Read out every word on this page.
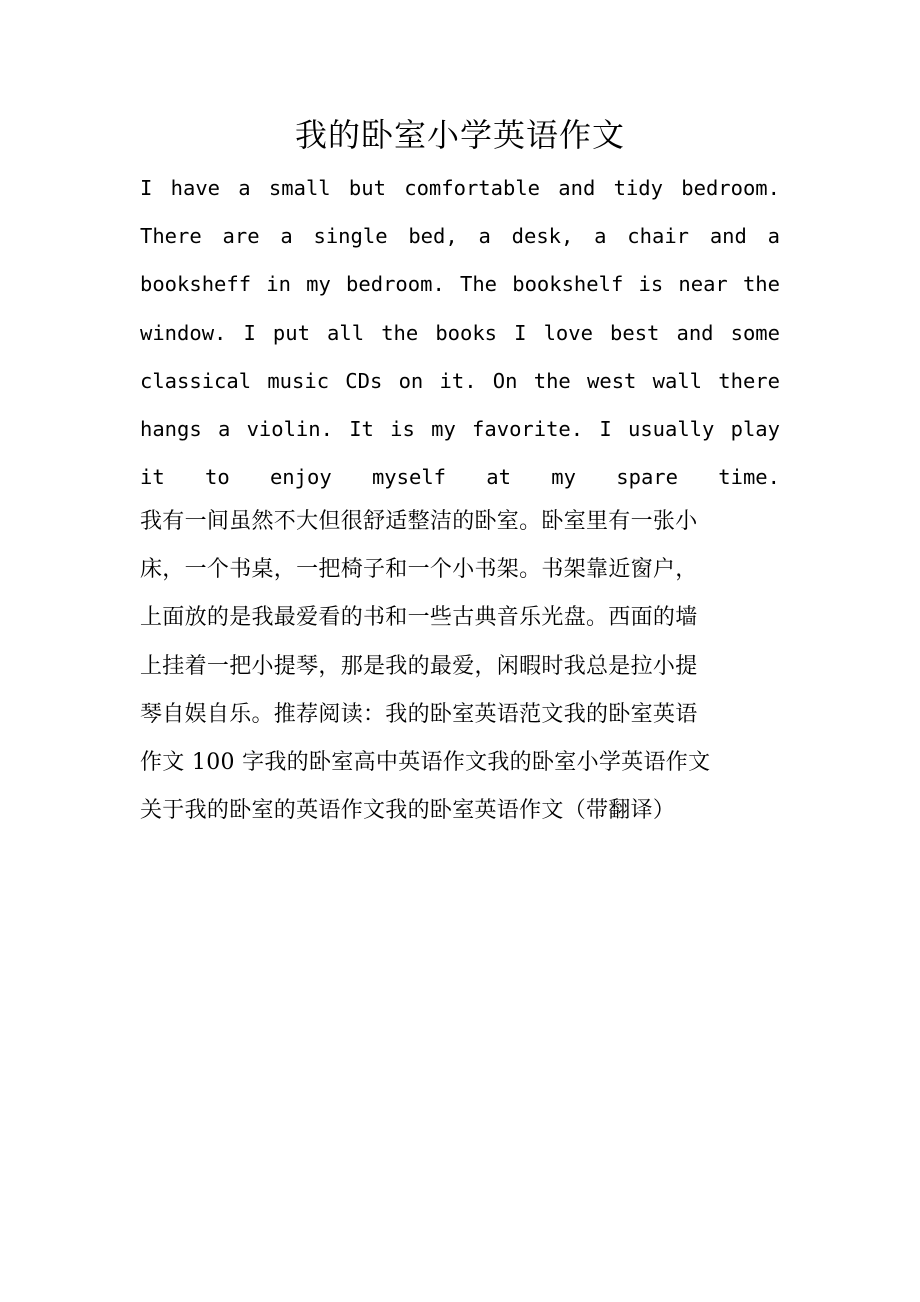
我的卧室小学英语作文
I have a small but comfortable and tidy bedroom.
There are a single bed, a desk, a chair and a
booksheff in my bedroom. The bookshelf is near the
window. I put all the books I love best and some
classical music CDs on it. On the west wall there
hangs a violin. It is my favorite. I usually play
it to enjoy myself at my spare time.
我有一间虽然不大但很舒适整洁的卧室。卧室里有一张小
床，一个书桌，一把椅子和一个小书架。书架靠近窗户，
上面放的是我最爱看的书和一些古典音乐光盘。西面的墙
上挂着一把小提琴，那是我的最爱，闲暇时我总是拉小提
琴自娱自乐。推荐阅读：我的卧室英语范文我的卧室英语
作文 100 字我的卧室高中英语作文我的卧室小学英语作文
关于我的卧室的英语作文我的卧室英语作文（带翻译）
